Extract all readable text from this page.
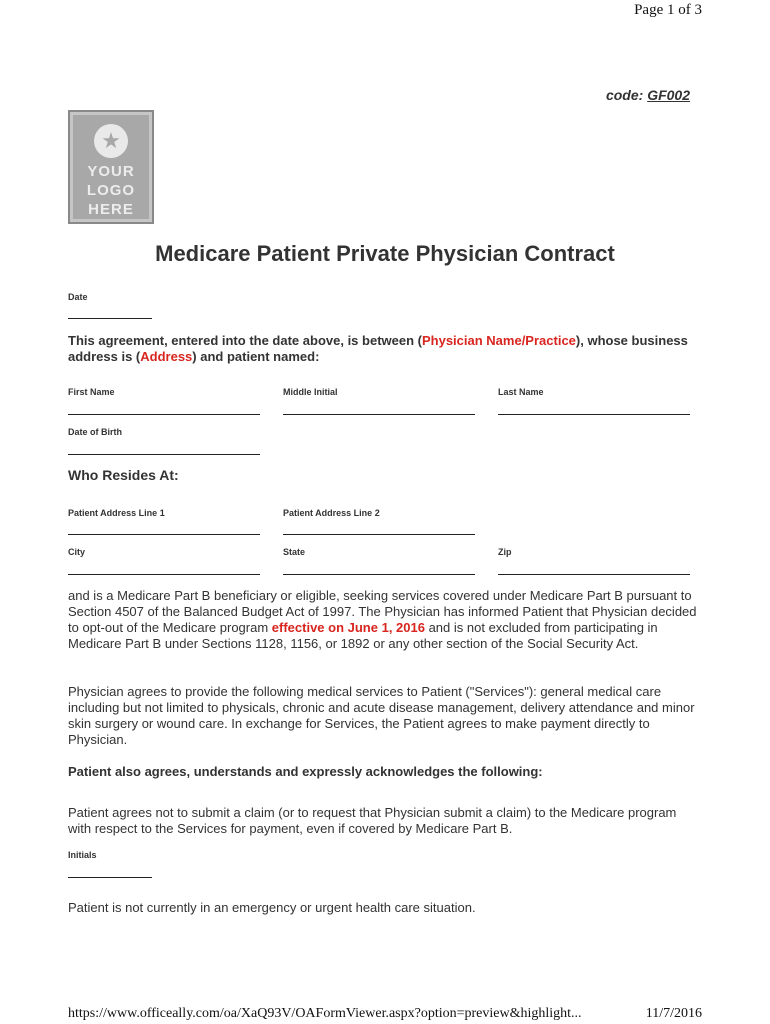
Page 1 of 3
code: GF002
★
YOUR
LOGO
HERE
Medicare Patient Private Physician Contract
Date
This agreement, entered into the date above, is between (Physician Name/Practice), whose business address is (Address) and patient named:
First Name	Middle Initial	Last Name
Date of Birth
Who Resides At:
Patient Address Line 1	Patient Address Line 2
City	State	Zip
and is a Medicare Part B beneficiary or eligible, seeking services covered under Medicare Part B pursuant to Section 4507 of the Balanced Budget Act of 1997. The Physician has informed Patient that Physician decided to opt-out of the Medicare program effective on June 1, 2016 and is not excluded from participating in Medicare Part B under Sections 1128, 1156, or 1892 or any other section of the Social Security Act.
Physician agrees to provide the following medical services to Patient ("Services"): general medical care including but not limited to physicals, chronic and acute disease management, delivery attendance and minor skin surgery or wound care. In exchange for Services, the Patient agrees to make payment directly to Physician.
Patient also agrees, understands and expressly acknowledges the following:
Patient agrees not to submit a claim (or to request that Physician submit a claim) to the Medicare program with respect to the Services for payment, even if covered by Medicare Part B.
Initials
Patient is not currently in an emergency or urgent health care situation.
https://www.officeally.com/oa/XaQ93V/OAFormViewer.aspx?option=preview&highlight...	11/7/2016
